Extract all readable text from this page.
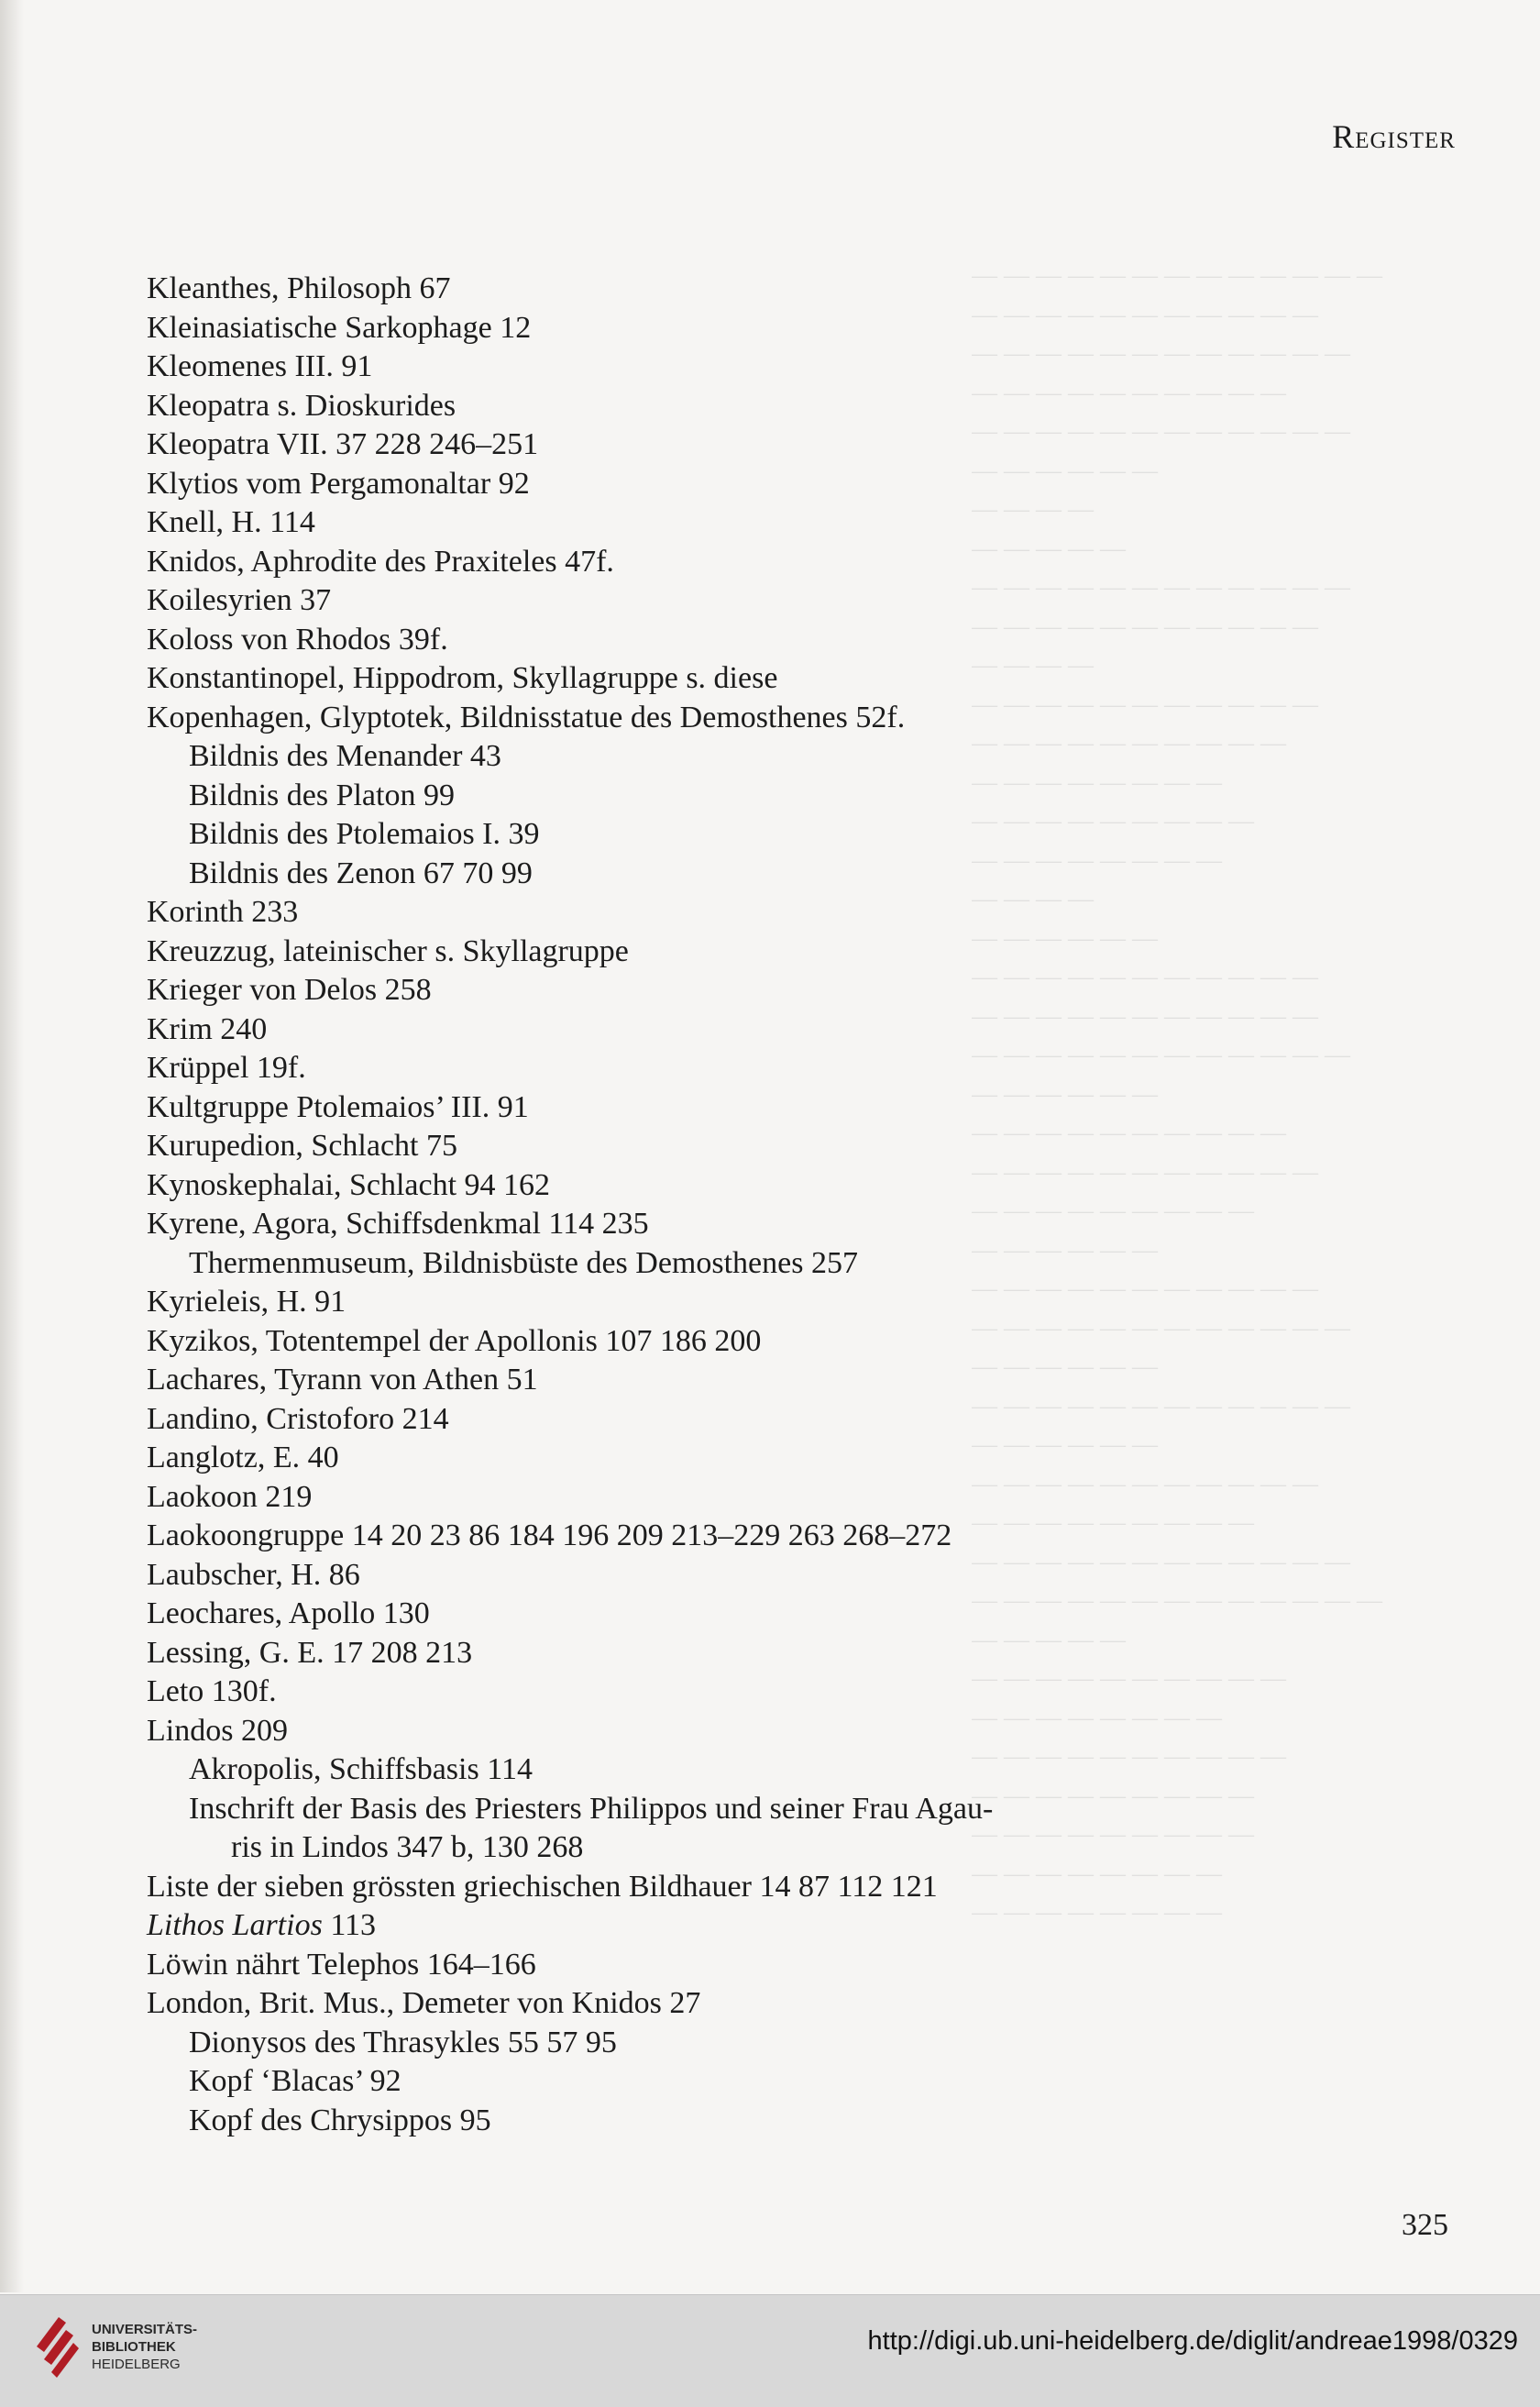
— — — — — — — — — — — — —
— — — — — — — — — — —
— — — — — — — — — — — —
— — — — — — — — — —
— — — — — — — — — — — —
— — — — — —
— — — —
— — — — —
— — — — — — — — — — — —
— — — — — — — — — — —
— — — —
— — — — — — — — — — —
— — — — — — — — — —
— — — — — — — —
— — — — — — — — —
— — — — — — — —
— — — —
— — — — — —
— — — — — — — — — — —
— — — — — — — — — — —
— — — — — — — — — — — —
— — — — — —
— — — — — — — — — —
— — — — — — — — — — —
— — — — — — — — —
— — — — — —
— — — — — — — — — — —
— — — — — — — — — — — —
— — — — — —
— — — — — — — — — — — —
— — — — — —
— — — — — — — — — — —
— — — — — — — — —
— — — — — — — — — — — —
— — — — — — — — — — — — —
— — — — —
— — — — — — — — — —
— — — — — — — —
— — — — — — — — — —
— — — — — — — — —
— — — — — — — — —
— — — — — — — —
— — — — — — — —
Register
Kleanthes, Philosoph 67
Kleinasiatische Sarkophage 12
Kleomenes III. 91
Kleopatra s. Dioskurides
Kleopatra VII. 37 228 246–251
Klytios vom Pergamonaltar 92
Knell, H. 114
Knidos, Aphrodite des Praxiteles 47f.
Koilesyrien 37
Koloss von Rhodos 39f.
Konstantinopel, Hippodrom, Skyllagruppe s. diese
Kopenhagen, Glyptotek, Bildnisstatue des Demosthenes 52f.
Bildnis des Menander 43
Bildnis des Platon 99
Bildnis des Ptolemaios I. 39
Bildnis des Zenon 67 70 99
Korinth 233
Kreuzzug, lateinischer s. Skyllagruppe
Krieger von Delos 258
Krim 240
Krüppel 19f.
Kultgruppe Ptolemaios’ III. 91
Kurupedion, Schlacht 75
Kynoskephalai, Schlacht 94 162
Kyrene, Agora, Schiffsdenkmal 114 235
Thermenmuseum, Bildnisbüste des Demosthenes 257
Kyrieleis, H. 91
Kyzikos, Totentempel der Apollonis 107 186 200
Lachares, Tyrann von Athen 51
Landino, Cristoforo 214
Langlotz, E. 40
Laokoon 219
Laokoongruppe 14 20 23 86 184 196 209 213–229 263 268–272
Laubscher, H. 86
Leochares, Apollo 130
Lessing, G. E. 17 208 213
Leto 130f.
Lindos 209
Akropolis, Schiffsbasis 114
Inschrift der Basis des Priesters Philippos und seiner Frau Agau-
ris in Lindos 347 b, 130 268
Liste der sieben grössten griechischen Bildhauer 14 87 112 121
Lithos Lartios 113
Löwin nährt Telephos 164–166
London, Brit. Mus., Demeter von Knidos 27
Dionysos des Thrasykles 55 57 95
Kopf ‘Blacas’ 92
Kopf des Chrysippos 95
325
UNIVERSITÄTS-
BIBLIOTHEK
HEIDELBERG
http://digi.ub.uni-heidelberg.de/diglit/andreae1998/0329
